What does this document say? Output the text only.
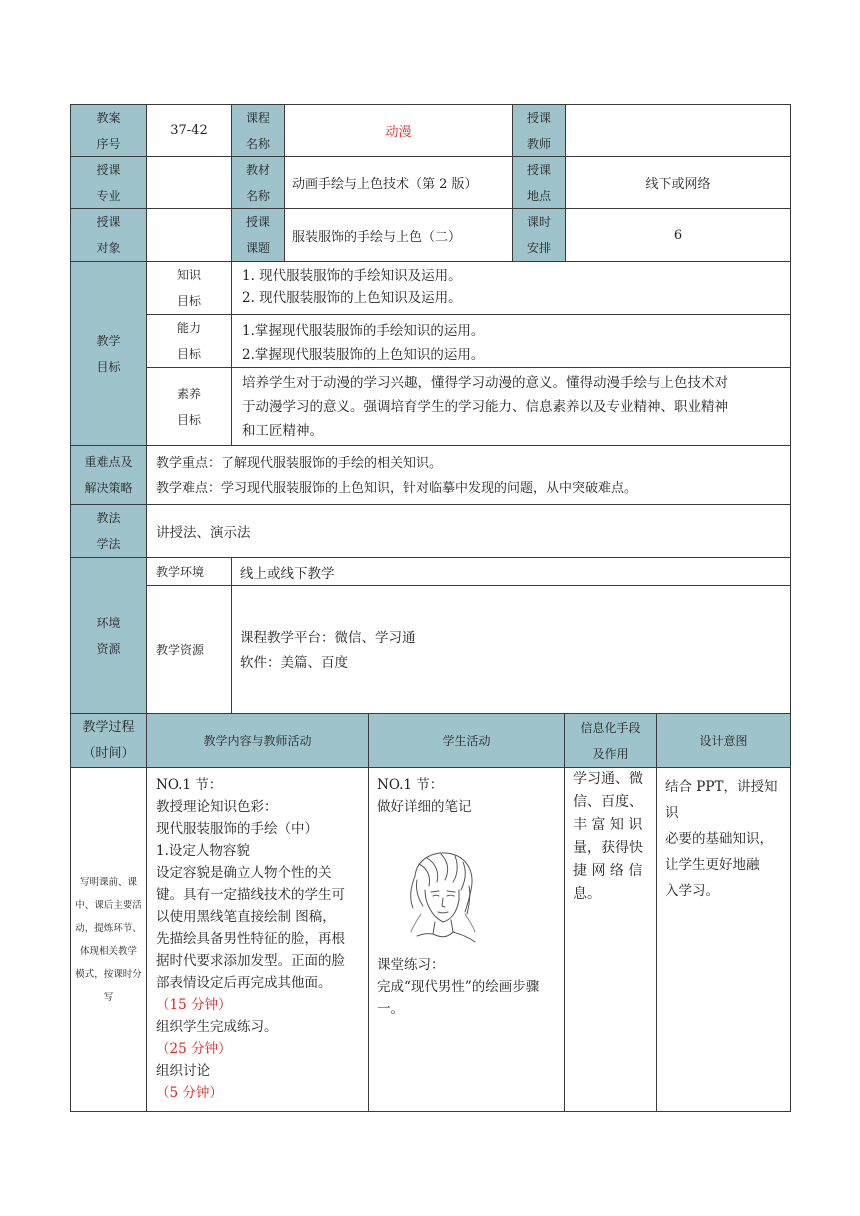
教案
序号
37-42
课程
名称
动漫
授课
教师
授课
专业
教材
名称
动画手绘与上色技术（第 2 版）
授课
地点
线下或网络
授课
对象
授课
课题
服装服饰的手绘与上色（二）
课时
安排
6
教学
目标
知识
目标

1. 现代服装服饰的手绘知识及运用。

2. 现代服装服饰的上色知识及运用。

能力
目标

1.掌握现代服装服饰的手绘知识的运用。

2.掌握现代服装服饰的上色知识的运用。

素养
目标

培养学生对于动漫的学习兴趣，懂得学习动漫的意义。懂得动漫手绘与上色技术对

于动漫学习的意义。强调培育学生的学习能力、信息素养以及专业精神、职业精神

和工匠精神。

重难点及
解决策略

教学重点：了解现代服装服饰的手绘的相关知识。

教学难点：学习现代服装服饰的上色知识，针对临摹中发现的问题，从中突破难点。

教法
学法
讲授法、演示法
环境
资源
教学环境	线上或线下教学
教学资源

课程教学平台：微信、学习通

软件：美篇、百度

教学过程
（时间）
教学内容与教师活动	学生活动
信息化手段
及作用
设计意图
写明课前、课
中、课后主要活
动，提炼环节、
体现相关教学
模式，按课时分
写

NO.1 节：

教授理论知识色彩：

现代服装服饰的手绘（中）

1.设定人物容貌

设定容貌是确立人物个性的关

键。具有一定描线技术的学生可

以使用黑线笔直接绘制 图稿，

先描绘具备男性特征的脸，再根

据时代要求添加发型。正面的脸

部表情设定后再完成其他面。

（15 分钟）

组织学生完成练习。

（25 分钟）

组织讨论

（5 分钟）

NO.1 节：

做好详细的笔记

课堂练习：

完成“现代男性”的绘画步骤

一。

学习通、微

信、百度、

丰 富 知 识

量，获得快

捷 网 络 信

息。

结合 PPT，讲授知

识

必要的基础知识，

让学生更好地融

入学习。
